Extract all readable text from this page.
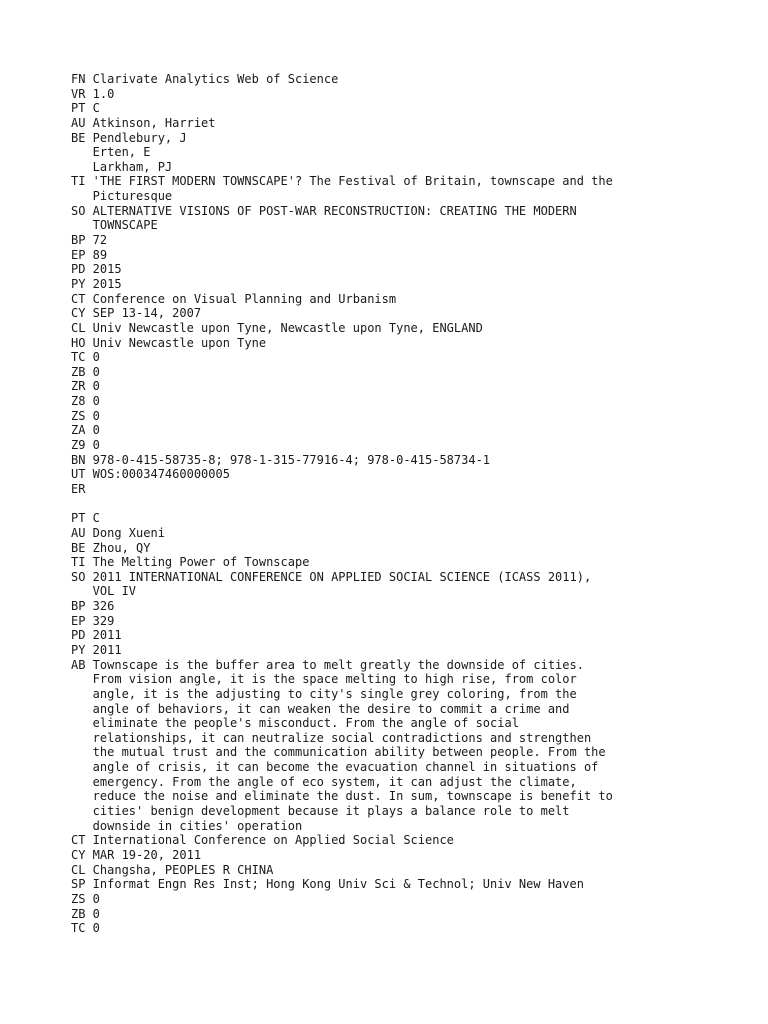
FN Clarivate Analytics Web of Science
VR 1.0
PT C
AU Atkinson, Harriet
BE Pendlebury, J
Erten, E
Larkham, PJ
TI 'THE FIRST MODERN TOWNSCAPE'? The Festival of Britain, townscape and the
Picturesque
SO ALTERNATIVE VISIONS OF POST-WAR RECONSTRUCTION: CREATING THE MODERN
TOWNSCAPE
BP 72
EP 89
PD 2015
PY 2015
CT Conference on Visual Planning and Urbanism
CY SEP 13-14, 2007
CL Univ Newcastle upon Tyne, Newcastle upon Tyne, ENGLAND
HO Univ Newcastle upon Tyne
TC 0
ZB 0
ZR 0
Z8 0
ZS 0
ZA 0
Z9 0
BN 978-0-415-58735-8; 978-1-315-77916-4; 978-0-415-58734-1
UT WOS:000347460000005
ER
PT C
AU Dong Xueni
BE Zhou, QY
TI The Melting Power of Townscape
SO 2011 INTERNATIONAL CONFERENCE ON APPLIED SOCIAL SCIENCE (ICASS 2011),
VOL IV
BP 326
EP 329
PD 2011
PY 2011
AB Townscape is the buffer area to melt greatly the downside of cities.
From vision angle, it is the space melting to high rise, from color
angle, it is the adjusting to city's single grey coloring, from the
angle of behaviors, it can weaken the desire to commit a crime and
eliminate the people's misconduct. From the angle of social
relationships, it can neutralize social contradictions and strengthen
the mutual trust and the communication ability between people. From the
angle of crisis, it can become the evacuation channel in situations of
emergency. From the angle of eco system, it can adjust the climate,
reduce the noise and eliminate the dust. In sum, townscape is benefit to
cities' benign development because it plays a balance role to melt
downside in cities' operation
CT International Conference on Applied Social Science
CY MAR 19-20, 2011
CL Changsha, PEOPLES R CHINA
SP Informat Engn Res Inst; Hong Kong Univ Sci & Technol; Univ New Haven
ZS 0
ZB 0
TC 0
